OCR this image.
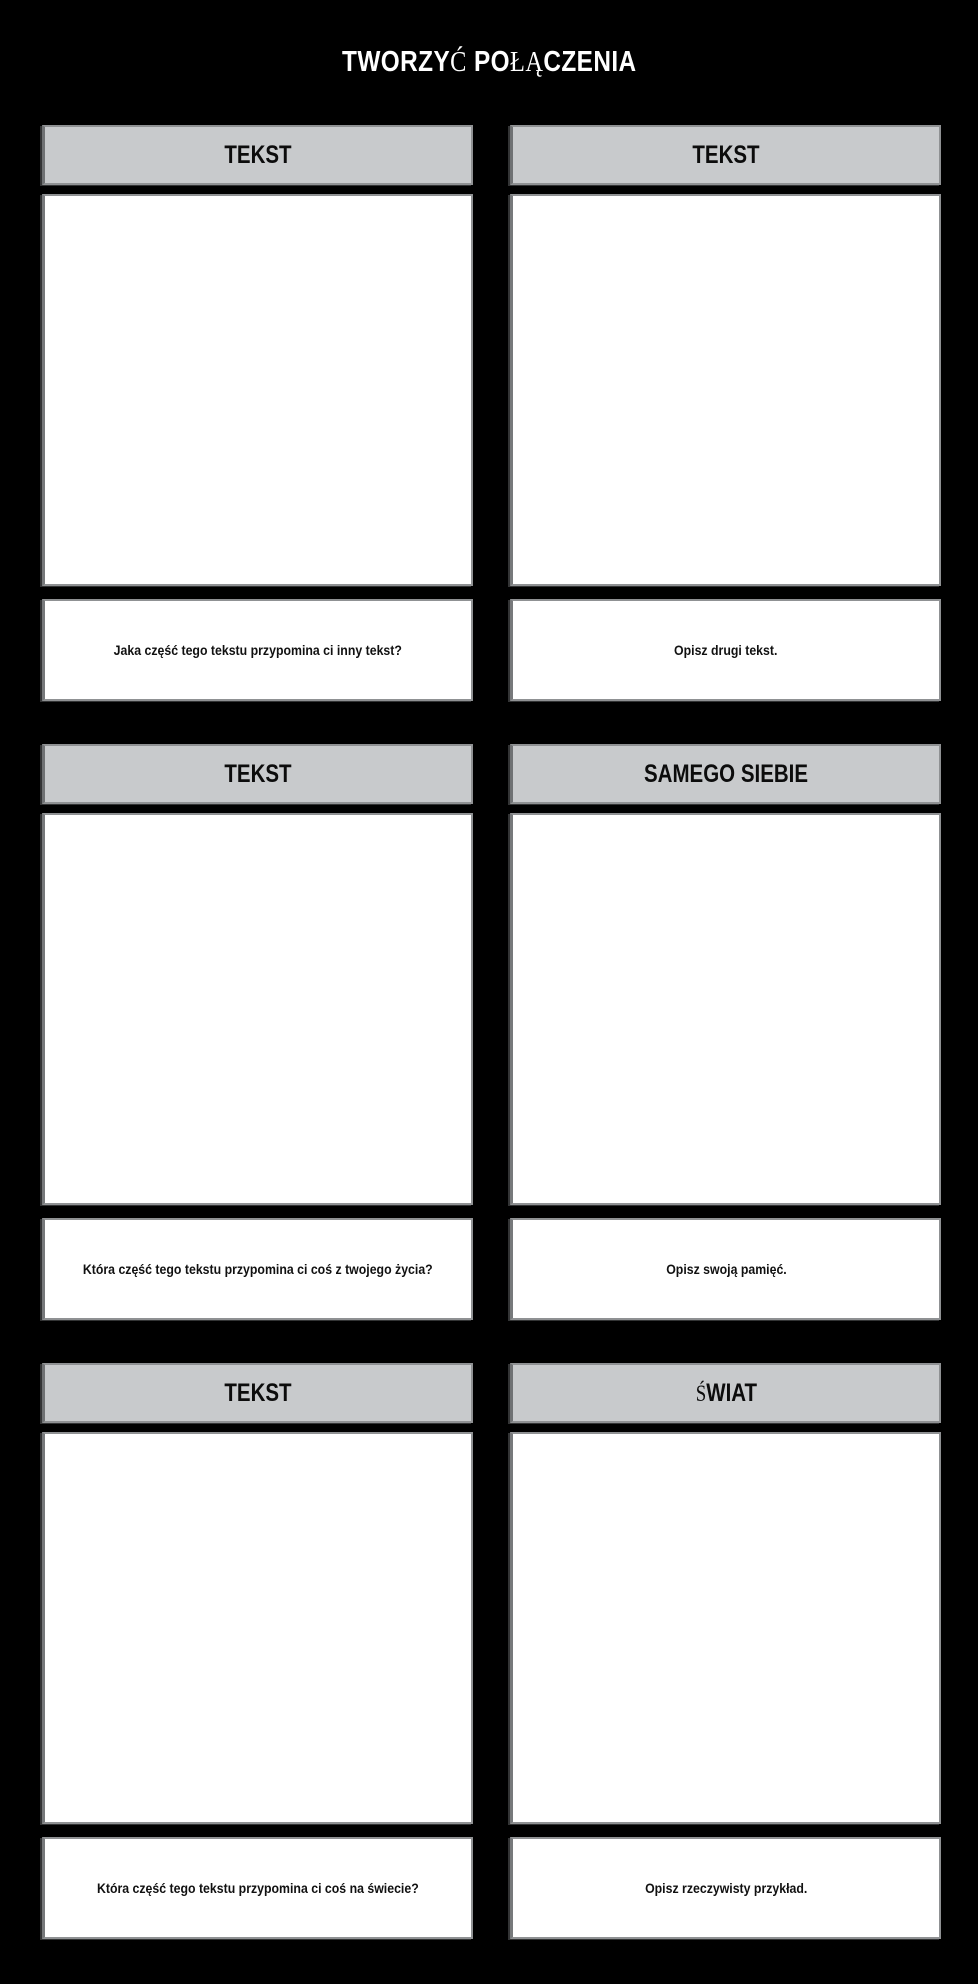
TWORZYĆ POŁĄCZENIA
TEKST
Jaka część tego tekstu przypomina ci inny tekst?
TEKST
Opisz drugi tekst.
TEKST
Która część tego tekstu przypomina ci coś z twojego życia?
SAMEGO SIEBIE
Opisz swoją pamięć.
TEKST
Która część tego tekstu przypomina ci coś na świecie?
ŚWIAT
Opisz rzeczywisty przykład.
